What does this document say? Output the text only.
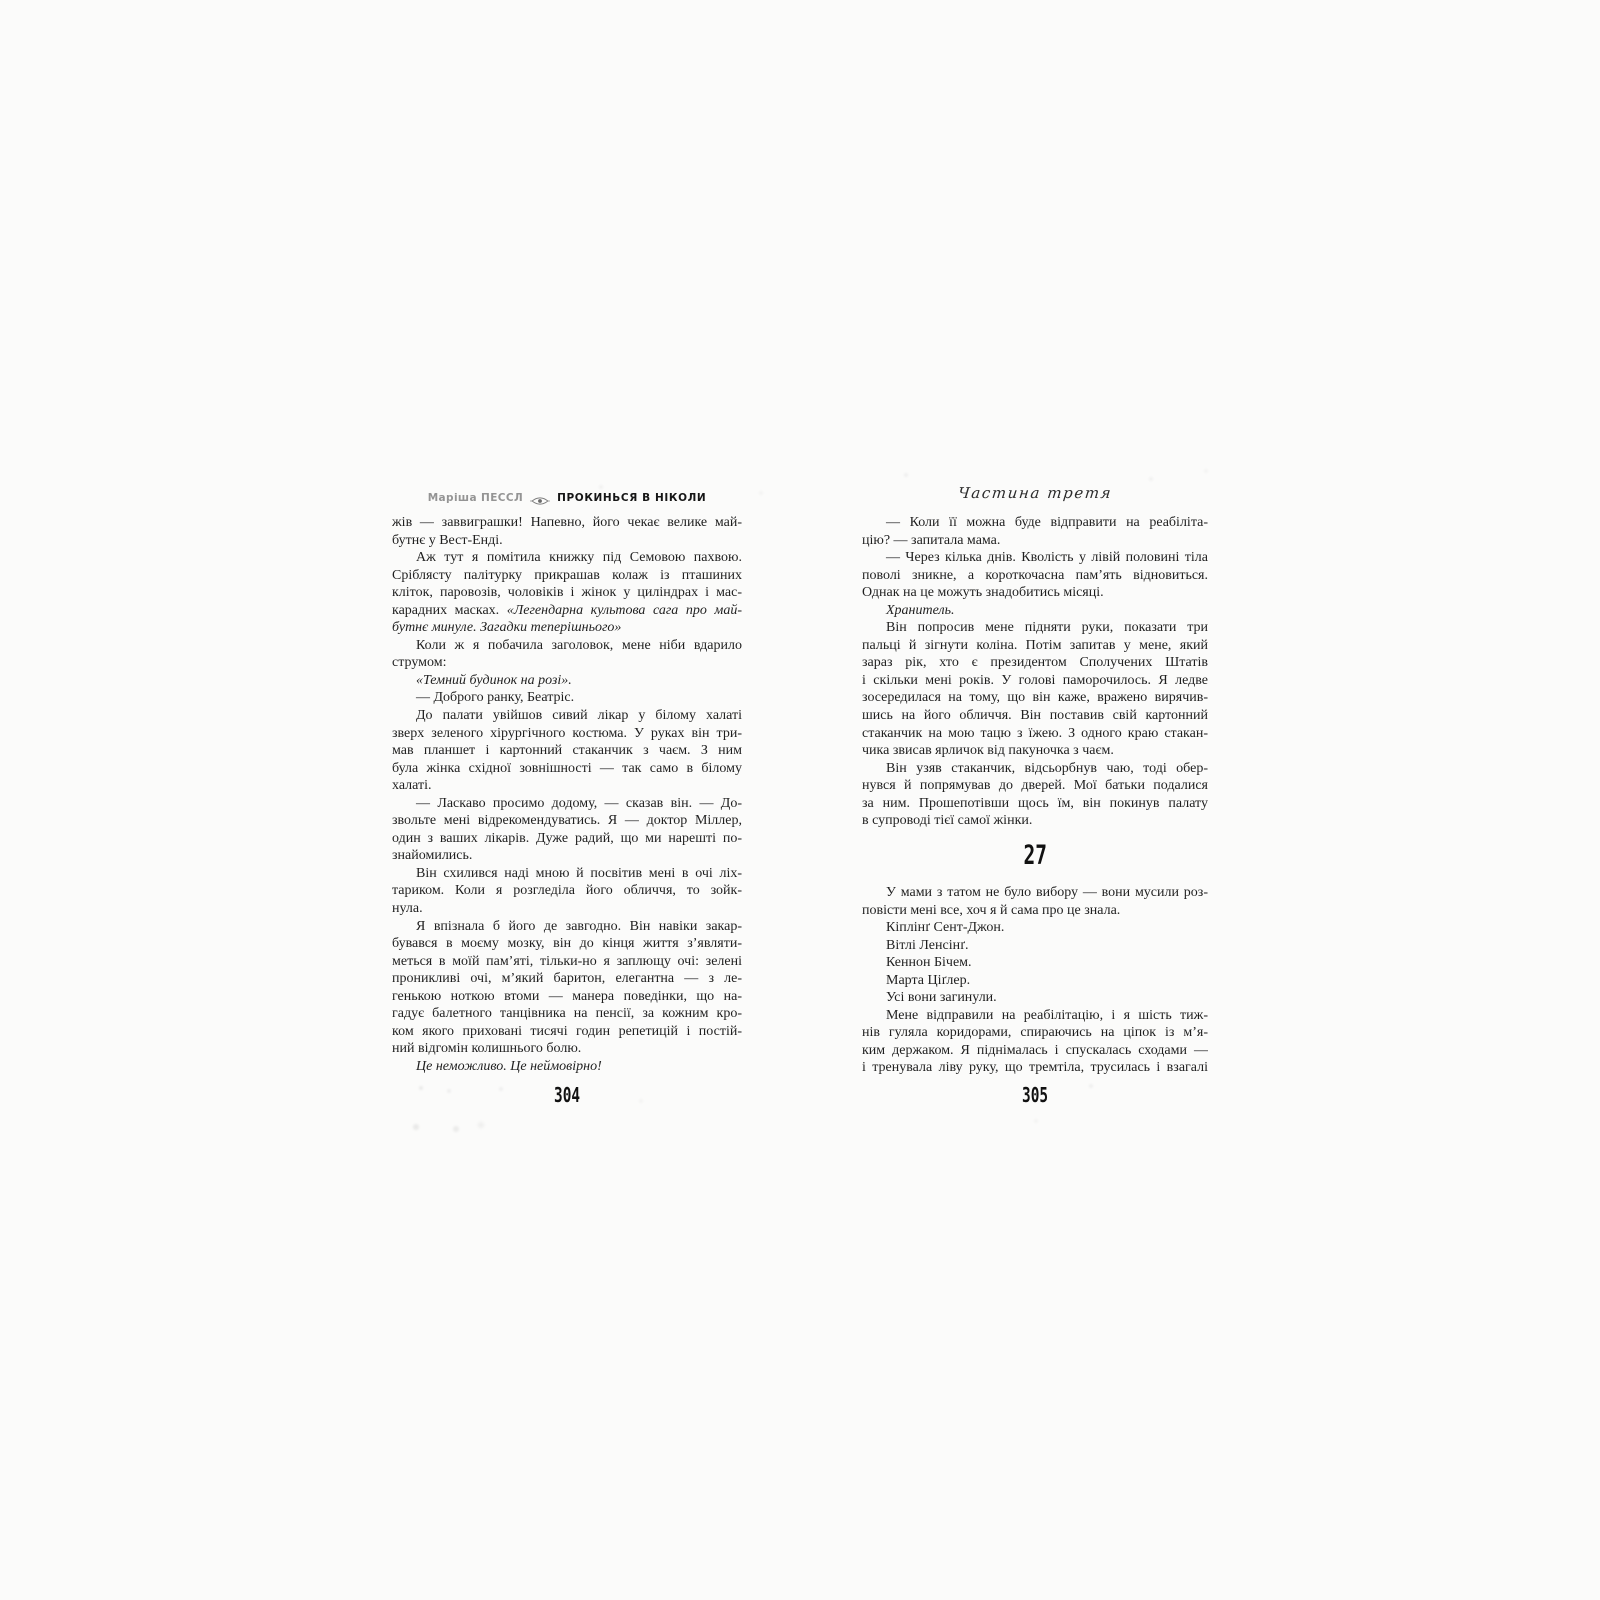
Маріша ПЕССЛ	ПРОКИНЬСЯ В НІКОЛИ	Частина третя
жів — заввиграшки! Напевно, його чекає велике май-
бутнє у Вест-Енді.
Аж тут я помітила книжку під Семовою пахвою.
Сріблясту палітурку прикрашав колаж із пташиних
кліток, паровозів, чоловіків і жінок у циліндрах і мас-
карадних масках. «Легендарна культова сага про май-
бутнє минуле. Загадки теперішнього»
Коли ж я побачила заголовок, мене ніби вдарило
струмом:
«Темний будинок на розі».
— Доброго ранку, Беатріс.
До палати увійшов сивий лікар у білому халаті
зверх зеленого хірургічного костюма. У руках він три-
мав планшет і картонний стаканчик з чаєм. З ним
була жінка східної зовнішності — так само в білому
халаті.
— Ласкаво просимо додому, — сказав він. — До-
звольте мені відрекомендуватись. Я — доктор Міллер,
один з ваших лікарів. Дуже радий, що ми нарешті по-
знайомились.
Він схилився наді мною й посвітив мені в очі ліх-
тариком. Коли я розгледіла його обличчя, то зойк-
нула.
Я впізнала б його де завгодно. Він навіки закар-
бувався в моєму мозку, він до кінця життя з’являти-
меться в моїй пам’яті, тільки-но я заплющу очі: зелені
проникливі очі, м’який баритон, елегантна — з ле-
генькою ноткою втоми — манера поведінки, що на-
гадує балетного танцівника на пенсії, за кожним кро-
ком якого приховані тисячі годин репетицій і постій-
ний відгомін колишнього болю.
Це неможливо. Це неймовірно!
— Коли її можна буде відправити на реабіліта-
цію? — запитала мама.
— Через кілька днів. Кволість у лівій половині тіла
поволі зникне, а короткочасна пам’ять відновиться.
Однак на це можуть знадобитись місяці.
Хранитель.
Він попросив мене підняти руки, показати три
пальці й зігнути коліна. Потім запитав у мене, який
зараз рік, хто є президентом Сполучених Штатів
і скільки мені років. У голові паморочилось. Я ледве
зосередилася на тому, що він каже, вражено вирячив-
шись на його обличчя. Він поставив свій картонний
стаканчик на мою тацю з їжею. З одного краю стакан-
чика звисав ярличок від пакуночка з чаєм.
Він узяв стаканчик, відсьорбнув чаю, тоді обер-
нувся й попрямував до дверей. Мої батьки подалися
за ним. Прошепотівши щось їм, він покинув палату
в супроводі тієї самої жінки.
27
У мами з татом не було вибору — вони мусили роз-
повісти мені все, хоч я й сама про це знала.
Кіплінґ Сент-Джон.
Вітлі Ленсінґ.
Кеннон Бічем.
Марта Ціґлер.
Усі вони загинули.
Мене відправили на реабілітацію, і я шість тиж-
нів гуляла коридорами, спираючись на ціпок із м’я-
ким держаком. Я піднімалась і спускалась сходами —
і тренувала ліву руку, що тремтіла, трусилась і взагалі
304	305
